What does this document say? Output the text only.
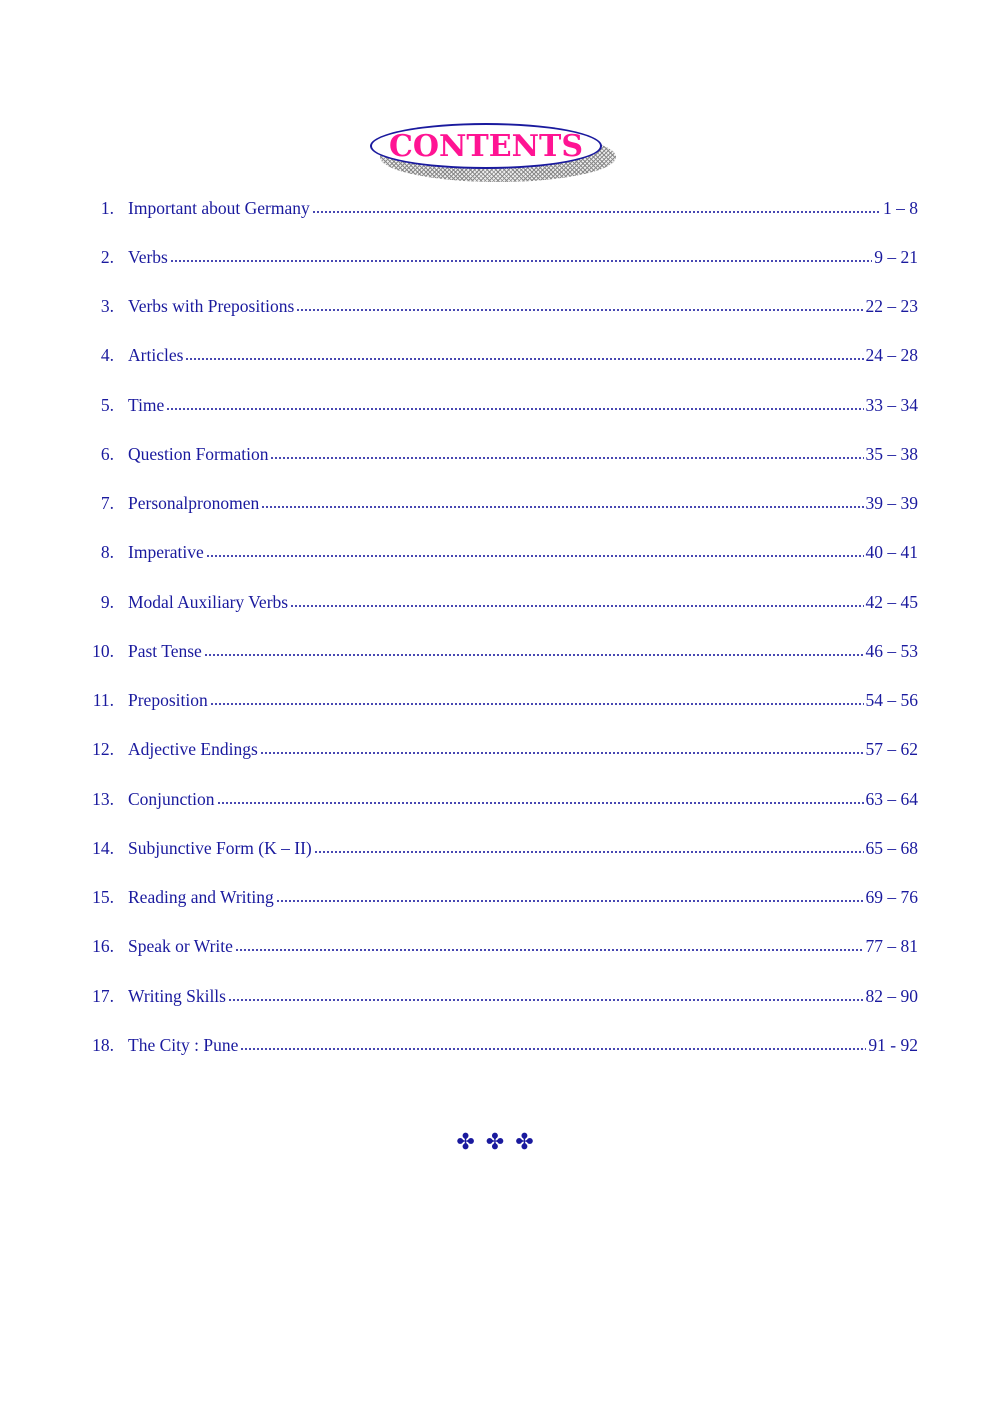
CONTENTS
1. Important about Germany	1 – 8
2. Verbs	9 – 21
3. Verbs with Prepositions	22 – 23
4. Articles	24 – 28
5. Time	33 – 34
6. Question Formation	35 – 38
7. Personalpronomen	39 – 39
8. Imperative	40 – 41
9. Modal Auxiliary Verbs	42 – 45
10. Past Tense	46 – 53
11. Preposition	54 – 56
12. Adjective Endings	57 – 62
13. Conjunction	63 – 64
14. Subjunctive Form (K – II)	65 – 68
15. Reading and Writing	69 – 76
16. Speak or Write	77 – 81
17. Writing Skills	82 – 90
18. The City : Pune	91 - 92
✤ ✤ ✤
